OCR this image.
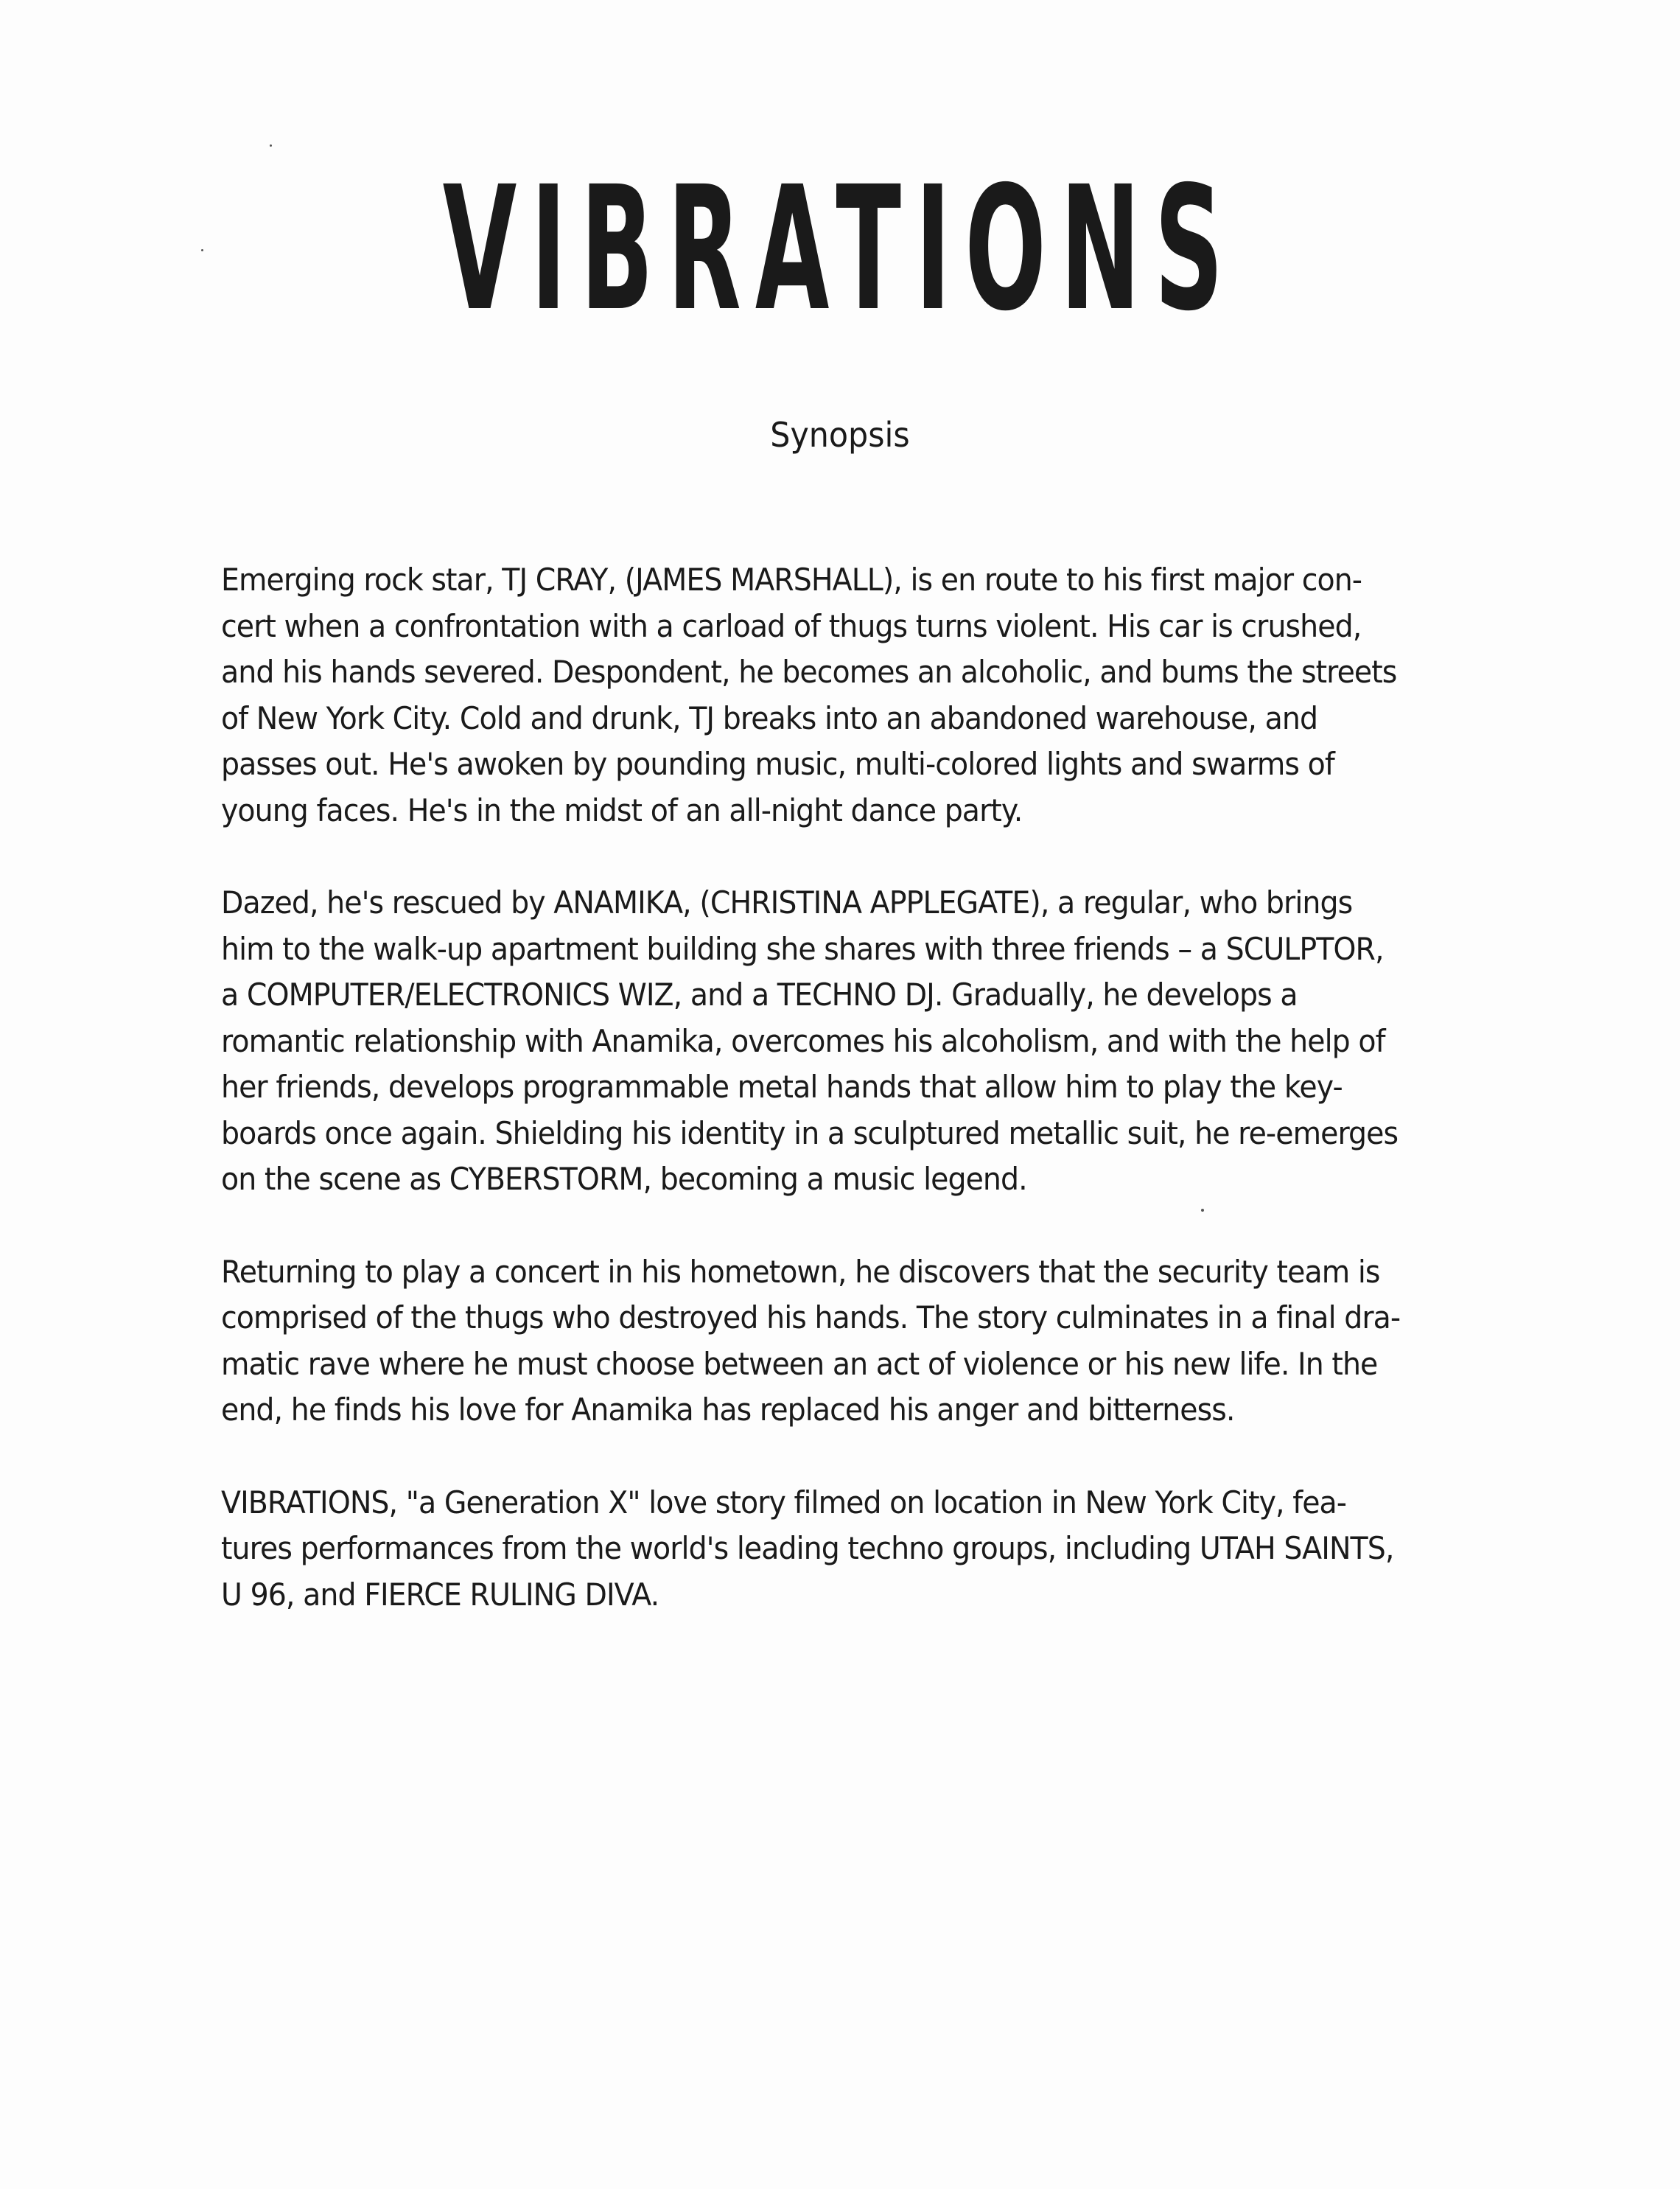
VIBRATIONS
Synopsis
Emerging rock star, TJ CRAY, (JAMES MARSHALL), is en route to his first major con-
cert when a confrontation with a carload of thugs turns violent. His car is crushed,
and his hands severed. Despondent, he becomes an alcoholic, and bums the streets
of New York City. Cold and drunk, TJ breaks into an abandoned warehouse, and
passes out. He's awoken by pounding music, multi-colored lights and swarms of
young faces. He's in the midst of an all-night dance party.
Dazed, he's rescued by ANAMIKA, (CHRISTINA APPLEGATE), a regular, who brings
him to the walk-up apartment building she shares with three friends – a SCULPTOR,
a COMPUTER/ELECTRONICS WIZ, and a TECHNO DJ. Gradually, he develops a
romantic relationship with Anamika, overcomes his alcoholism, and with the help of
her friends, develops programmable metal hands that allow him to play the key-
boards once again. Shielding his identity in a sculptured metallic suit, he re-emerges
on the scene as CYBERSTORM, becoming a music legend.
Returning to play a concert in his hometown, he discovers that the security team is
comprised of the thugs who destroyed his hands. The story culminates in a final dra-
matic rave where he must choose between an act of violence or his new life. In the
end, he finds his love for Anamika has replaced his anger and bitterness.
VIBRATIONS, "a Generation X" love story filmed on location in New York City, fea-
tures performances from the world's leading techno groups, including UTAH SAINTS,
U 96, and FIERCE RULING DIVA.
